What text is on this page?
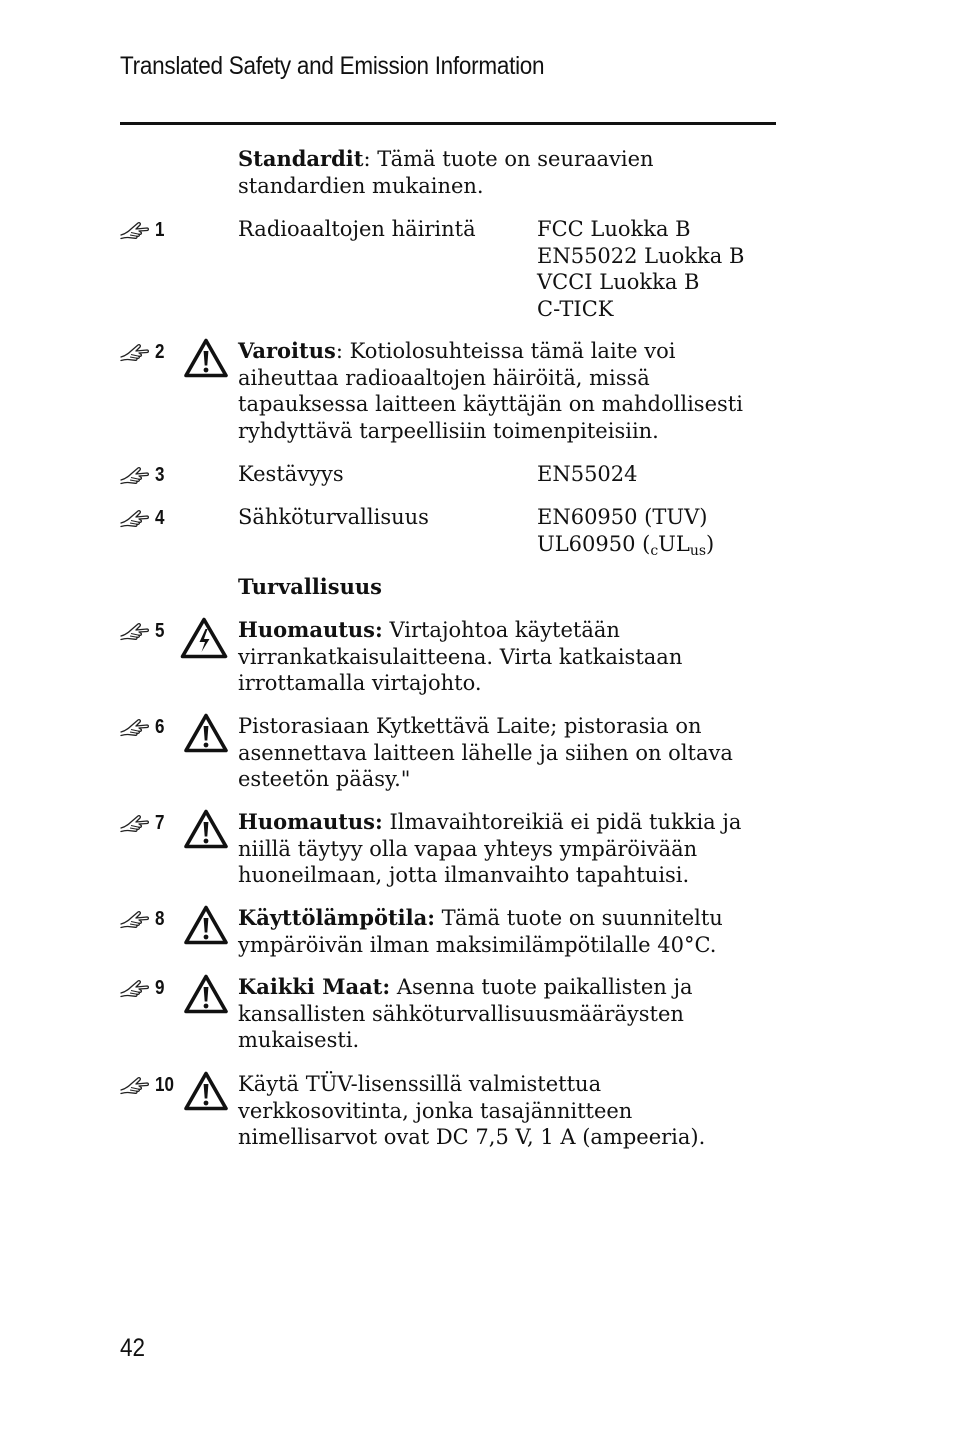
Translated Safety and Emission Information
Standardit: Tämä tuote on seuraavien
standardien mukainen.
1	Radioaaltojen häirintä	FCC Luokka B
EN55022 Luokka B
VCCI Luokka B
C-TICK
2	Varoitus: Kotiolosuhteissa tämä laite voi
aiheuttaa radioaaltojen häiröitä, missä
tapauksessa laitteen käyttäjän on mahdollisesti
ryhdyttävä tarpeellisiin toimenpiteisiin.
3	Kestävyys	EN55024
4	Sähköturvallisuus	EN60950 (TUV)
UL60950 $(_cUL_{us})$
Turvallisuus
5	Huomautus: Virtajohtoa käytetään
virrankatkaisulaitteena. Virta katkaistaan
irrottamalla virtajohto.
6	Pistorasiaan Kytkettävä Laite; pistorasia on
asennettava laitteen lähelle ja siihen on oltava
esteetön pääsy."
7	Huomautus: Ilmavaihtoreikiä ei pidä tukkia ja
niillä täytyy olla vapaa yhteys ympäröivään
huoneilmaan, jotta ilmanvaihto tapahtuisi.
8	Käyttölämpötila: Tämä tuote on suunniteltu
ympäröivän ilman maksimilämpötilalle 40°C.
9	Kaikki Maat: Asenna tuote paikallisten ja
kansallisten sähköturvallisuusmääräysten
mukaisesti.
10	Käytä TÜV-lisenssillä valmistettua
verkkosovitinta, jonka tasajännitteen
nimellisarvot ovat DC 7,5 V, 1 A (ampeeria).
42
